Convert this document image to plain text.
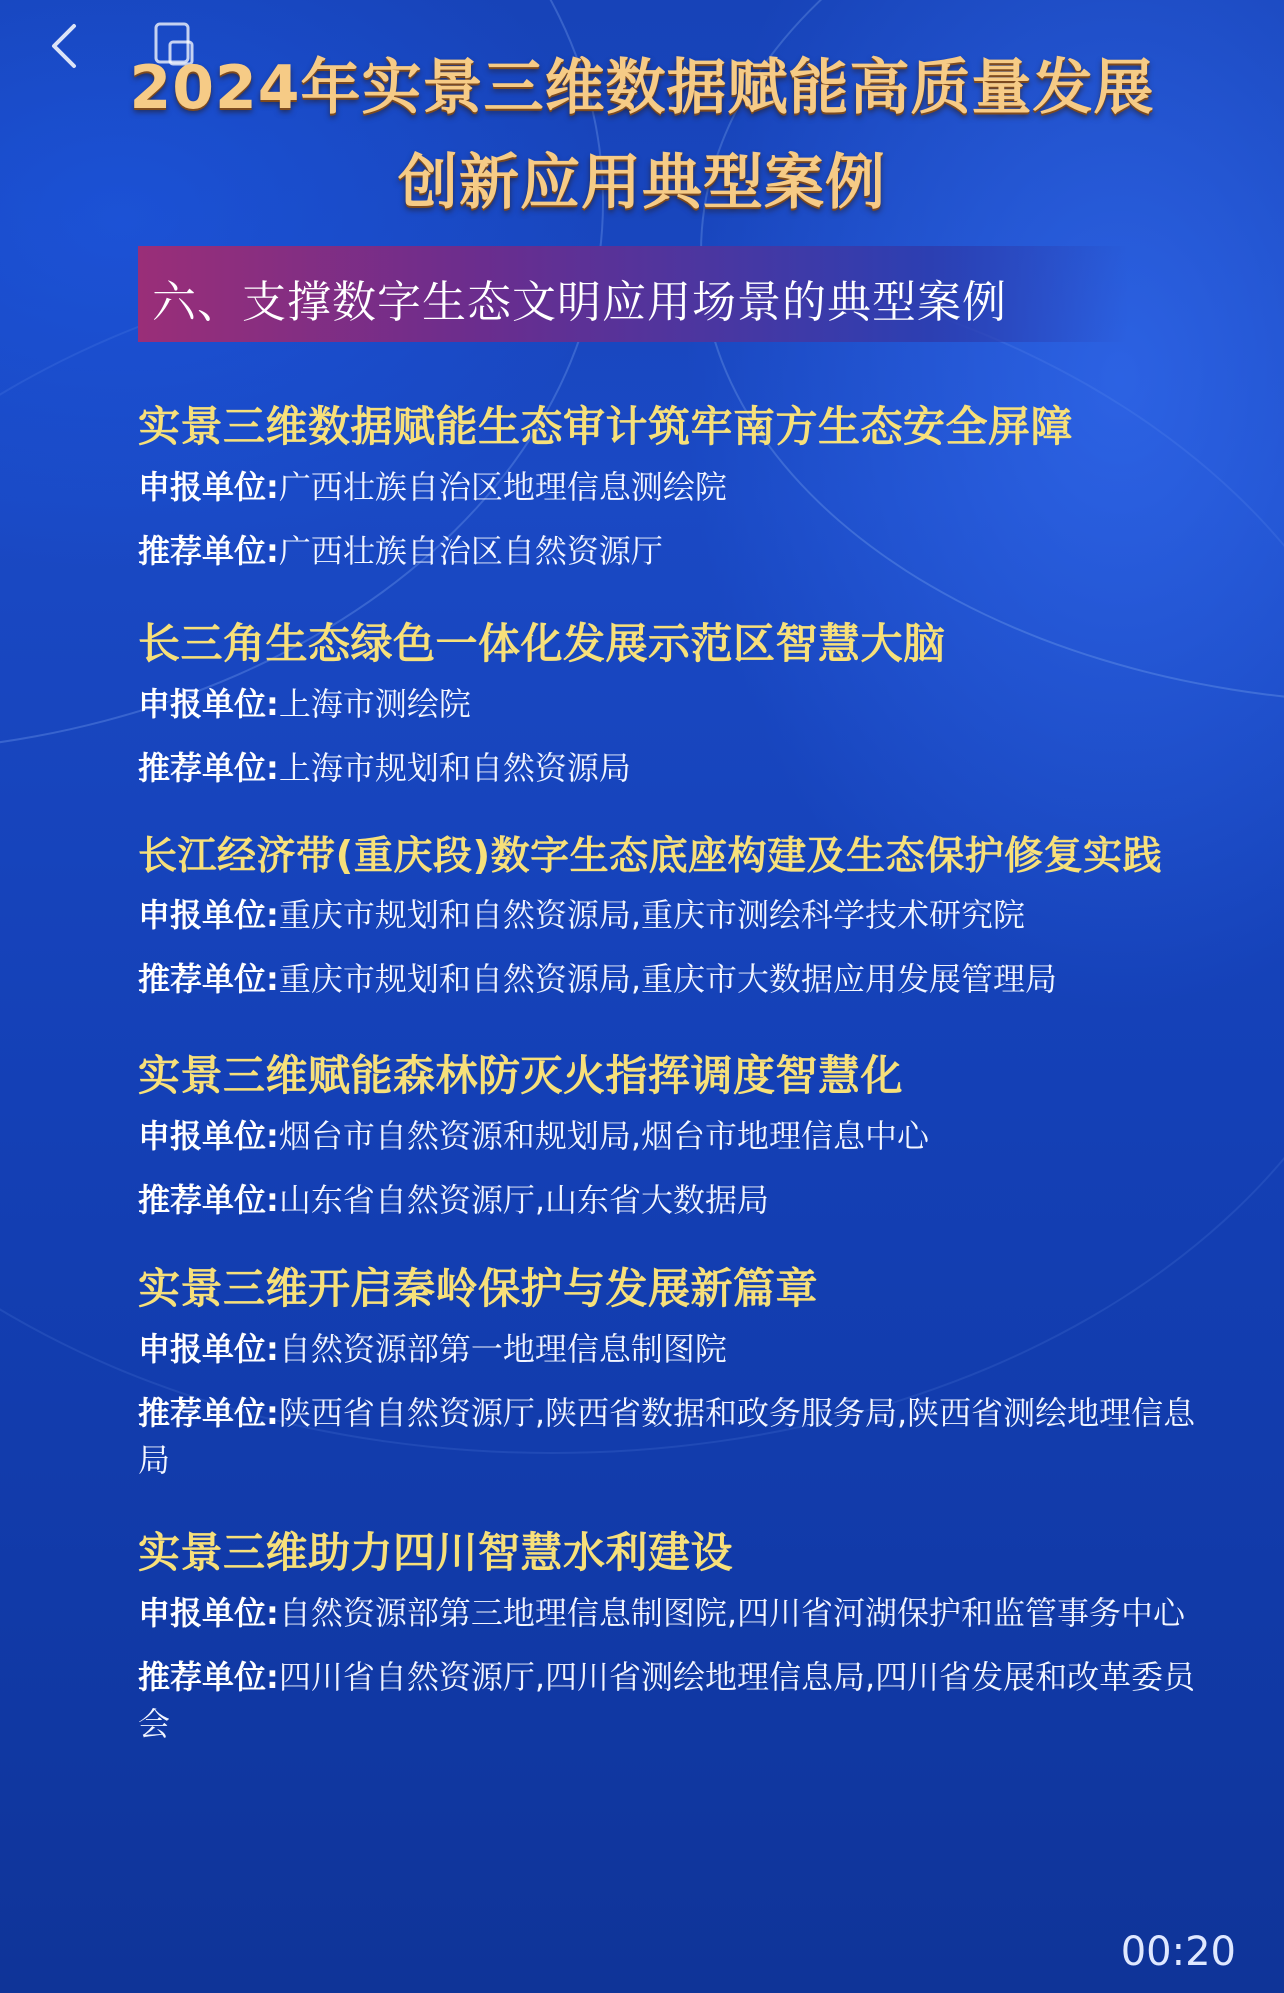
2024年实景三维数据赋能高质量发展
创新应用典型案例
六、支撑数字生态文明应用场景的典型案例
实景三维数据赋能生态审计筑牢南方生态安全屏障
申报单位:广西壮族自治区地理信息测绘院
推荐单位:广西壮族自治区自然资源厅
长三角生态绿色一体化发展示范区智慧大脑
申报单位:上海市测绘院
推荐单位:上海市规划和自然资源局
长江经济带(重庆段)数字生态底座构建及生态保护修复实践
申报单位:重庆市规划和自然资源局,重庆市测绘科学技术研究院
推荐单位:重庆市规划和自然资源局,重庆市大数据应用发展管理局
实景三维赋能森林防灭火指挥调度智慧化
申报单位:烟台市自然资源和规划局,烟台市地理信息中心
推荐单位:山东省自然资源厅,山东省大数据局
实景三维开启秦岭保护与发展新篇章
申报单位:自然资源部第一地理信息制图院
推荐单位:陕西省自然资源厅,陕西省数据和政务服务局,陕西省测绘地理信息局
实景三维助力四川智慧水利建设
申报单位:自然资源部第三地理信息制图院,四川省河湖保护和监管事务中心
推荐单位:四川省自然资源厅,四川省测绘地理信息局,四川省发展和改革委员会
00:20
